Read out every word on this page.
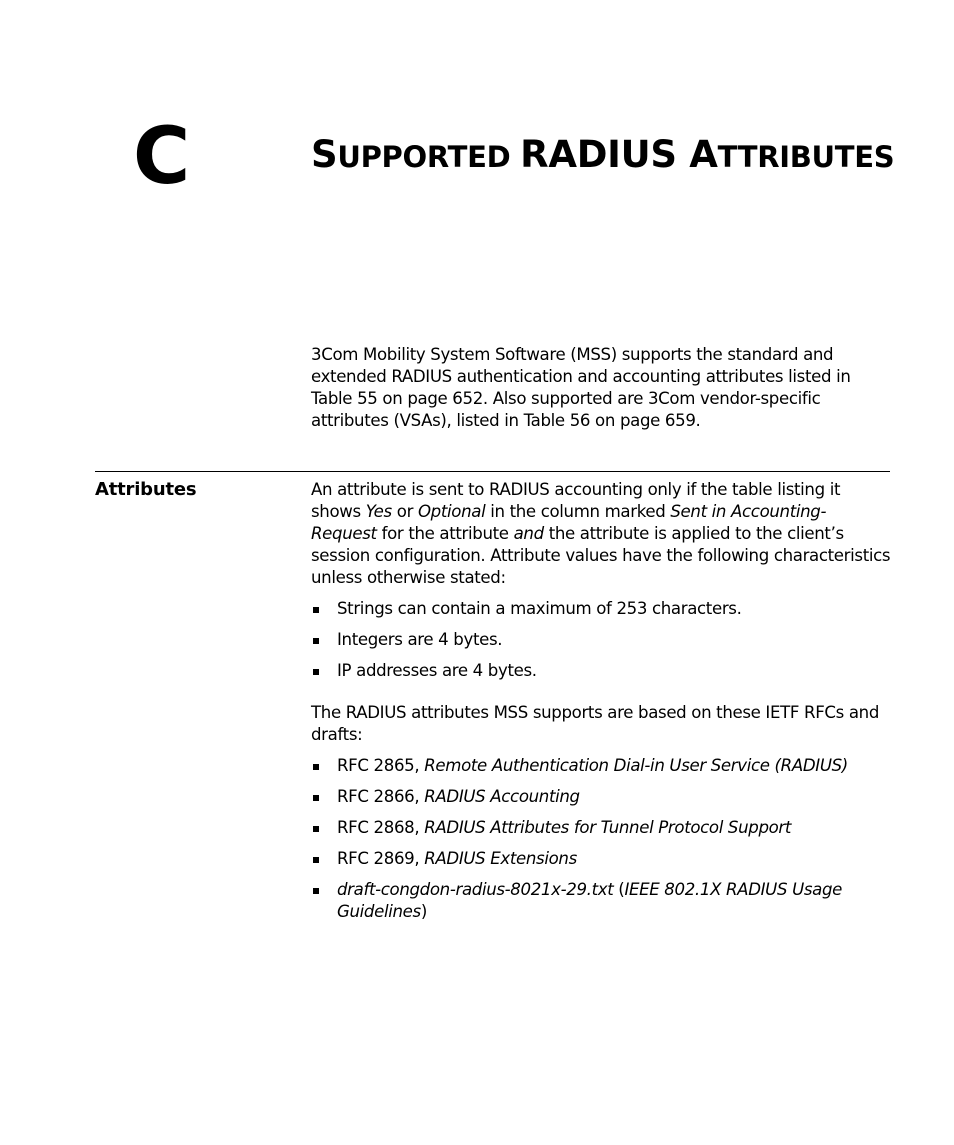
C	SUPPORTED RADIUS ATTRIBUTES

3Com Mobility System Software (MSS) supports the standard and extended RADIUS authentication and accounting attributes listed in Table 55 on page 652. Also supported are 3Com vendor-specific attributes (VSAs), listed in Table 56 on page 659.

Attributes	An attribute is sent to RADIUS accounting only if the table listing it shows Yes or Optional in the column marked Sent in Accounting-Request for the attribute and the attribute is applied to the client’s session configuration. Attribute values have the following characteristics unless otherwise stated:

Strings can contain a maximum of 253 characters.
Integers are 4 bytes.
IP addresses are 4 bytes.

The RADIUS attributes MSS supports are based on these IETF RFCs and drafts:

RFC 2865, Remote Authentication Dial-in User Service (RADIUS)
RFC 2866, RADIUS Accounting
RFC 2868, RADIUS Attributes for Tunnel Protocol Support
RFC 2869, RADIUS Extensions
draft-congdon-radius-8021x-29.txt (IEEE 802.1X RADIUS Usage Guidelines)
